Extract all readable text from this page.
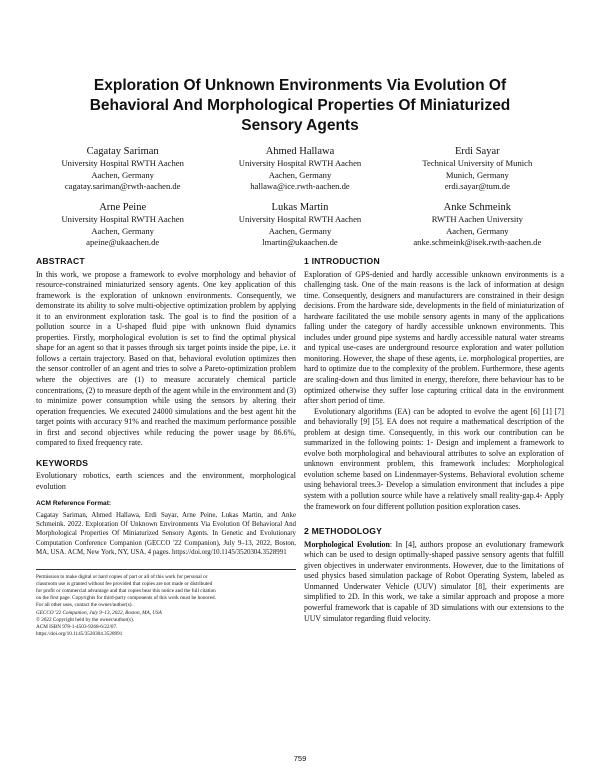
Exploration Of Unknown Environments Via Evolution Of
Behavioral And Morphological Properties Of Miniaturized
Sensory Agents
Cagatay Sariman
University Hospital RWTH Aachen
Aachen, Germany
cagatay.sariman@rwth-aachen.de
Ahmed Hallawa
University Hospital RWTH Aachen
Aachen, Germany
hallawa@ice.rwth-aachen.de
Erdi Sayar
Technical University of Munich
Munich, Germany
erdi.sayar@tum.de
Arne Peine
University Hospital RWTH Aachen
Aachen, Germany
apeine@ukaachen.de
Lukas Martin
University Hospital RWTH Aachen
Aachen, Germany
lmartin@ukaachen.de
Anke Schmeink
RWTH Aachen University
Aachen, Germany
anke.schmeink@isek.rwth-aachen.de
ABSTRACT

In this work, we propose a framework to evolve morphology and behavior of resource-constrained miniaturized sensory agents. One key application of this framework is the exploration of unknown environments. Consequently, we demonstrate its ability to solve multi-objective optimization problem by applying it to an environment exploration task. The goal is to find the position of a pollution source in a U-shaped fluid pipe with unknown fluid dynamics properties. Firstly, morphological evolution is set to find the optimal physical shape for an agent so that it passes through six target points inside the pipe, i.e. it follows a certain trajectory. Based on that, behavioral evolution optimizes then the sensor controller of an agent and tries to solve a Pareto-optimization problem where the objectives are (1) to measure accurately chemical particle concentrations, (2) to measure depth of the agent while in the environment and (3) to minimize power consumption while using the sensors by altering their operation frequencies. We executed 24000 simulations and the best agent hit the target points with accuracy 91% and reached the maximum performance possible in first and second objectives while reducing the power usage by 86.6%, compared to fixed frequency rate.

KEYWORDS

Evolutionary robotics, earth sciences and the environment, morphological evolution

ACM Reference Format:

Cagatay Sariman, Ahmed Hallawa, Erdi Sayar, Arne Peine, Lukas Martin, and Anke Schmeink. 2022. Exploration Of Unknown Environments Via Evolution Of Behavioral And Morphological Properties Of Miniaturized Sensory Agents. In Genetic and Evolutionary Computation Conference Companion (GECCO '22 Companion), July 9–13, 2022, Boston, MA, USA. ACM, New York, NY, USA, 4 pages. https://doi.org/10.1145/3520304.3528991

Permission to make digital or hard copies of part or all of this work for personal or
classroom use is granted without fee provided that copies are not made or distributed
for profit or commercial advantage and that copies bear this notice and the full citation
on the first page. Copyrights for third-party components of this work must be honored.
For all other uses, contact the owner/author(s).
GECCO '22 Companion, July 9–13, 2022, Boston, MA, USA
© 2022 Copyright held by the owner/author(s).
ACM ISBN 978-1-4503-9268-6/22/07.
https://doi.org/10.1145/3520304.3528991
1 INTRODUCTION

Exploration of GPS-denied and hardly accessible unknown environments is a challenging task. One of the main reasons is the lack of information at design time. Consequently, designers and manufacturers are constrained in their design decisions. From the hardware side, developments in the field of miniaturization of hardware facilitated the use mobile sensory agents in many of the applications falling under the category of hardly accessible unknown environments. This includes under ground pipe systems and hardly accessible natural water streams and typical use-cases are underground resource exploration and water pollution monitoring. However, the shape of these agents, i.e. morphological properties, are hard to optimize due to the complexity of the problem. Furthermore, these agents are scaling-down and thus limited in energy, therefore, there behaviour has to be optimized otherwise they suffer lose capturing critical data in the environment after short period of time.

Evolutionary algorithms (EA) can be adopted to evolve the agent [6] [1] [7] and behaviorally [9] [5]. EA does not require a mathematical description of the problem at design time. Consequently, in this work our contribution can be summarized in the following points: 1- Design and implement a framework to evolve both morphological and behavioural attributes to solve an exploration of unknown environment problem, this framework includes: Morphological evolution scheme based on Lindenmayer-Systems. Behavioral evolution scheme using behavioral trees.3- Develop a simulation environment that includes a pipe system with a pollution source while have a relatively small reality-gap.4- Apply the framework on four different pollution position exploration cases.

2 METHODOLOGY

Morphological Evolution: In [4], authors propose an evolutionary framework which can be used to design optimally-shaped passive sensory agents that fulfill given objectives in underwater environments. However, due to the limitations of used physics based simulation package of Robot Operating System, labeled as Unmanned Underwater Vehicle (UUV) simulator [8], their experiments are simplified to 2D. In this work, we take a similar approach and propose a more powerful framework that is capable of 3D simulations with our extensions to the UUV simulator regarding fluid velocity.

759
